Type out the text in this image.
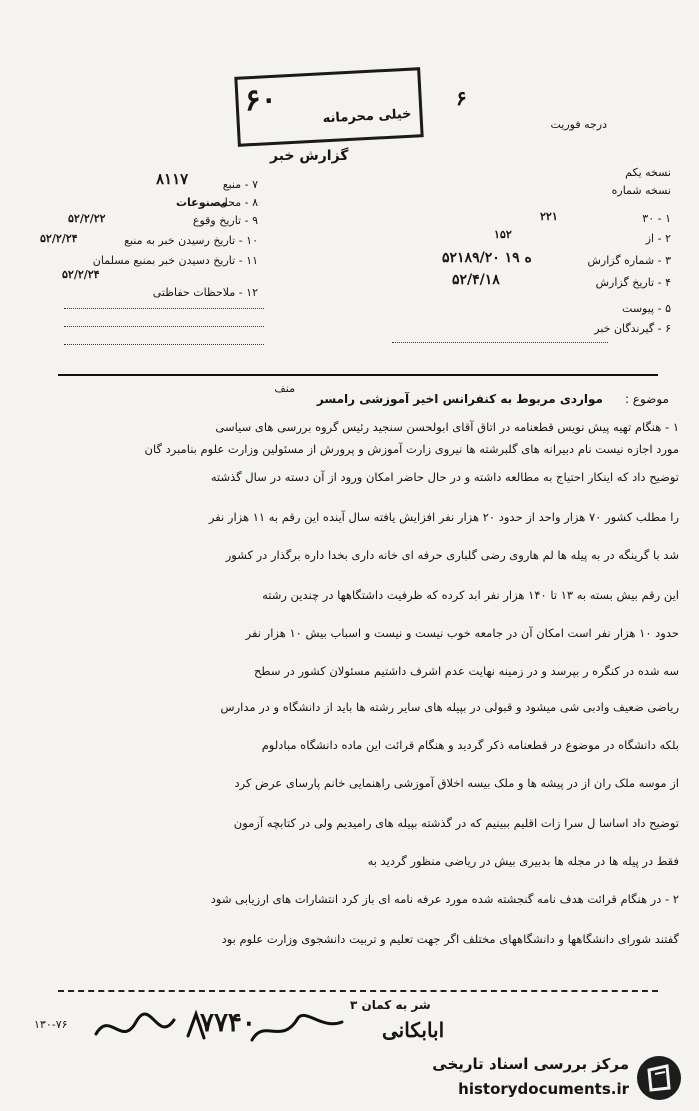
۶۰	خیلی محرمانه
۶
درجه فوریت
گزارش خبر
۷ - منبع
۸۱۱۷
۸ - محل
مصنوعات
۹ - تاریخ وقوع
۵۲/۲/۲۲
۱۰ - تاریخ رسیدن خبر به منبع
۵۲/۲/۲۴
۱۱ - تاریخ دسیدن خبر بمنبع مسلمان
۵۲/۲/۲۴
۱۲ - ملاحظات حفاظتی
نسخه یکم
نسخه شماره
۱ - ۳۰
۲۲۱
۲ - از
۱۵۲
۳ - شماره گزارش
۵۲۱۸۹/۲۰ ه ۱۹
۴ - تاریخ گزارش
۵۲/۴/۱۸
۵ - پیوست
۶ - گیرندگان خبر
موضوع :
مواردی مربوط به کنفرانس اخیر آموزشی رامسر
منف
۱ - هنگام تهیه پیش نویس قطعنامه در اتاق آقای ابولحسن سنجید رئیس گروه بررسی های سیاسی
مورد اجازه نیست نام دبیرانه های گلبرشته ها نیروی زارت آموزش و پرورش از مسئولین وزارت علوم بنامبرد گان
توضیح داد که اینکار احتیاج به مطالعه داشته و در حال حاضر امکان ورود از آن دسته در سال گذشته
را مطلب کشور ۷۰ هزار واحد از حدود ۲۰ هزار نفر افزایش یافته سال آینده این رقم به ۱۱ هزار نفر
شد با گرینگه در به پیله ها لم هاروی رضی گلباری حرفه ای خانه داری بخدا داره برگذار در کشور
این رقم بیش بسته به ۱۳ تا ۱۴۰ هزار نفر ابد کرده که ظرفیت داشتگاهها در چندین رشته
حدود ۱۰ هزار نفر است امکان آن در جامعه خوب نیست و نیست و اسباب بیش ۱۰ هزار نفر
سه شده در کنگره ر بپرسد و در زمینه نهایت عدم اشرف داشتیم مسئولان کشور در سطح
ریاضی ضعیف وادبی شی میشود و قبولی در بپیله های سایر رشته ها باید از دانشگاه و در مدارس
بلکه دانشگاه در موضوع در قطعنامه ذکر گردید و هنگام قرائت این ماده دانشگاه مبادلوم
از موسه ملک ران از در پیشه ها و ملک بیسه اخلاق آموزشی راهنمایی خانم پارسای عرض کرد
توضیح داد اساسا ل سرا زات اقلیم ببینیم که در گذشته بپیله های رامیدیم ولی در کتابچه آزمون
فقط در پیله ها در مجله ها بدبیری بیش در ریاضی منظور گردید به
۲ - در هنگام قرائت هدف نامه گنجشته شده مورد عرفه نامه ای باز کرد انتشارات های ارزیابی شود
گفتند شورای دانشگاهها و دانشگاههای مختلف اگر جهت تعلیم و تربیت دانشجوی وزارت علوم بود
شر به کمان ۳
ابابکانی
۷۷۴۰
۱۳۰-۷۶
مرکز بررسی اسناد تاریخی
historydocuments.ir
